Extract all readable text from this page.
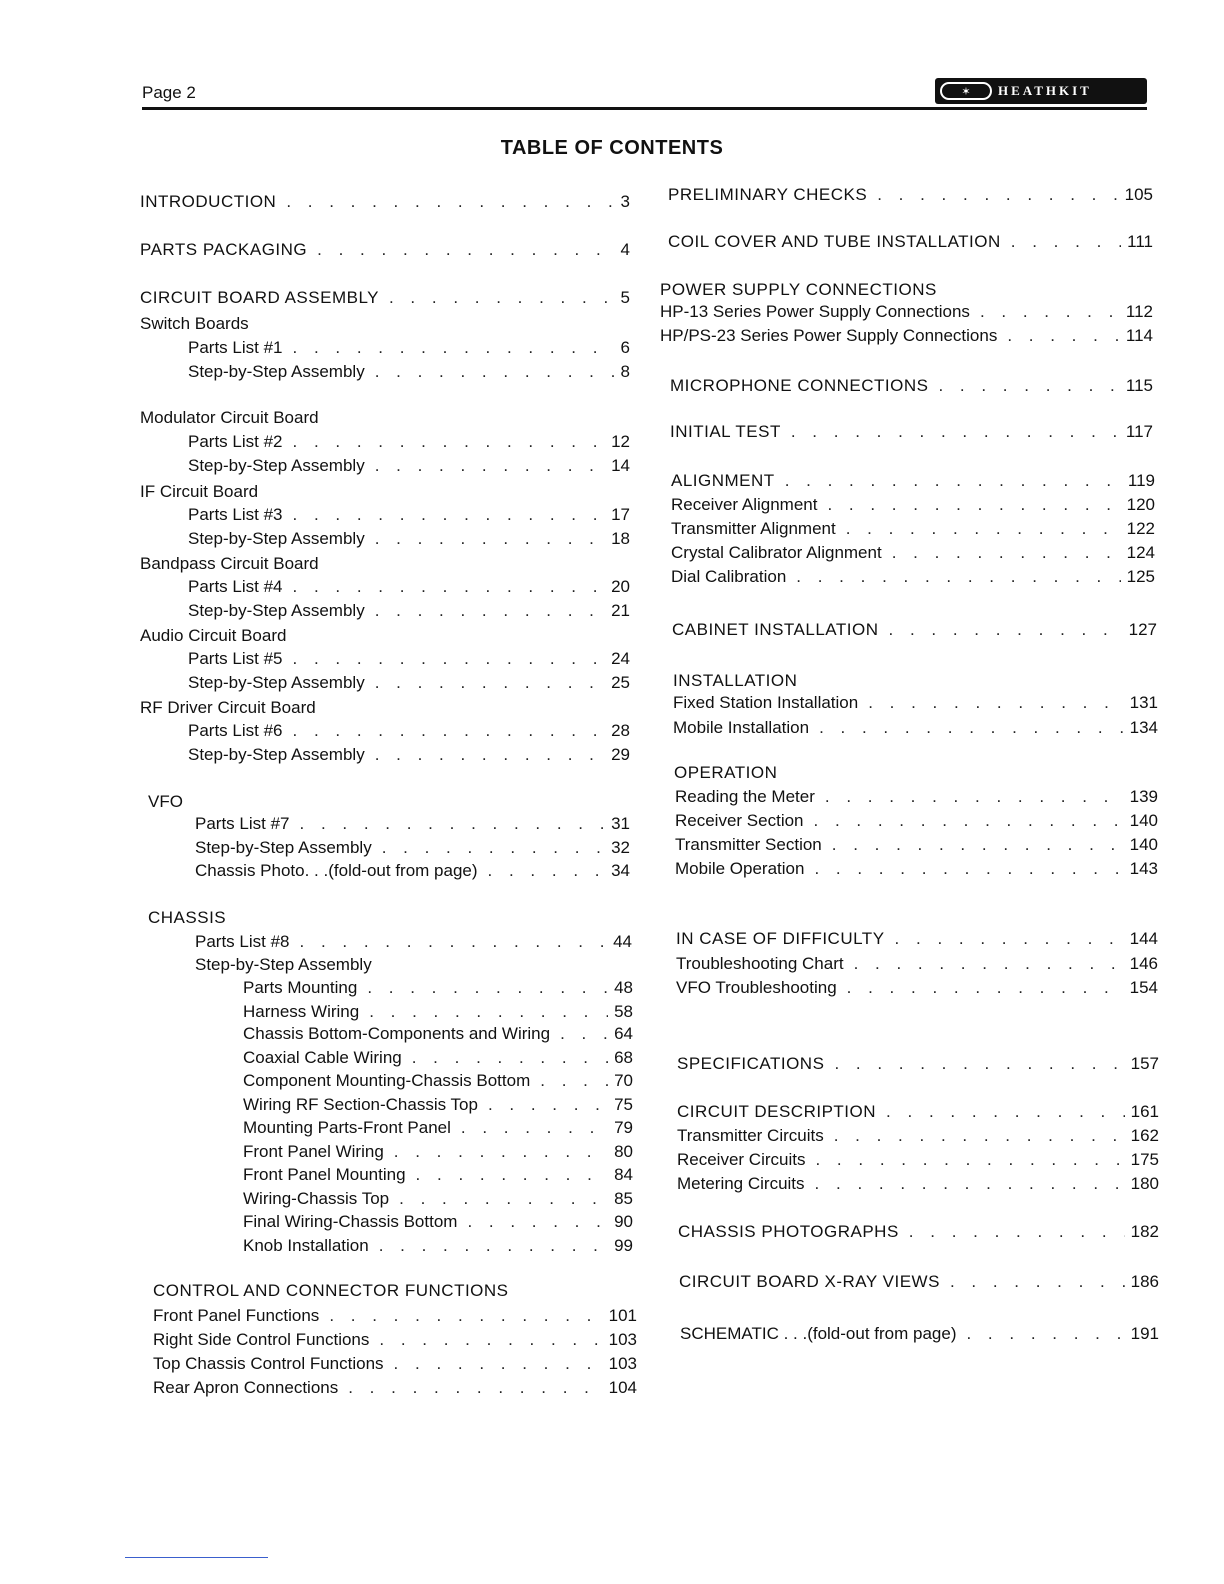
Page 2	✶	HEATHKIT
TABLE OF CONTENTS
INTRODUCTION . . .	3
PARTS PACKAGING . . .	4
CIRCUIT BOARD ASSEMBLY . . .	5
Switch Boards
Parts List #1 . . .	6
Step-by-Step Assembly . . .	8
Modulator Circuit Board
Parts List #2 . . .	12
Step-by-Step Assembly . . .	14
IF Circuit Board
Parts List #3 . . .	17
Step-by-Step Assembly . . .	18
Bandpass Circuit Board
Parts List #4 . . .	20
Step-by-Step Assembly . . .	21
Audio Circuit Board
Parts List #5 . . .	24
Step-by-Step Assembly . . .	25
RF Driver Circuit Board
Parts List #6 . . .	28
Step-by-Step Assembly . . .	29
VFO
Parts List #7 . . .	31
Step-by-Step Assembly . . .	32
Chassis Photo. . .(fold-out from page) . . .	34
CHASSIS
Parts List #8 . . .	44
Step-by-Step Assembly
Parts Mounting . . .	48
Harness Wiring . . .	58
Chassis Bottom-Components and Wiring . . .	64
Coaxial Cable Wiring . . .	68
Component Mounting-Chassis Bottom . . .	70
Wiring RF Section-Chassis Top . . .	75
Mounting Parts-Front Panel . . .	79
Front Panel Wiring . . .	80
Front Panel Mounting . . .	84
Wiring-Chassis Top . . .	85
Final Wiring-Chassis Bottom . . .	90
Knob Installation . . .	99
CONTROL AND CONNECTOR FUNCTIONS
Front Panel Functions . . .	101
Right Side Control Functions . . .	103
Top Chassis Control Functions . . .	103
Rear Apron Connections . . .	104
PRELIMINARY CHECKS . . .	105
COIL COVER AND TUBE INSTALLATION . . .	111
POWER SUPPLY CONNECTIONS
HP-13 Series Power Supply Connections . . .	112
HP/PS-23 Series Power Supply Connections . . .	114
MICROPHONE CONNECTIONS . . .	115
INITIAL TEST . . .	117
ALIGNMENT . . .	119
Receiver Alignment . . .	120
Transmitter Alignment . . .	122
Crystal Calibrator Alignment . . .	124
Dial Calibration . . .	125
CABINET INSTALLATION . . .	127
INSTALLATION
Fixed Station Installation . . .	131
Mobile Installation . . .	134
OPERATION
Reading the Meter . . .	139
Receiver Section . . .	140
Transmitter Section . . .	140
Mobile Operation . . .	143
IN CASE OF DIFFICULTY . . .	144
Troubleshooting Chart . . .	146
VFO Troubleshooting . . .	154
SPECIFICATIONS . . .	157
CIRCUIT DESCRIPTION . . .	161
Transmitter Circuits . . .	162
Receiver Circuits . . .	175
Metering Circuits . . .	180
CHASSIS PHOTOGRAPHS . . .	182
CIRCUIT BOARD X-RAY VIEWS . . .	186
SCHEMATIC . . .(fold-out from page) . . .	191
